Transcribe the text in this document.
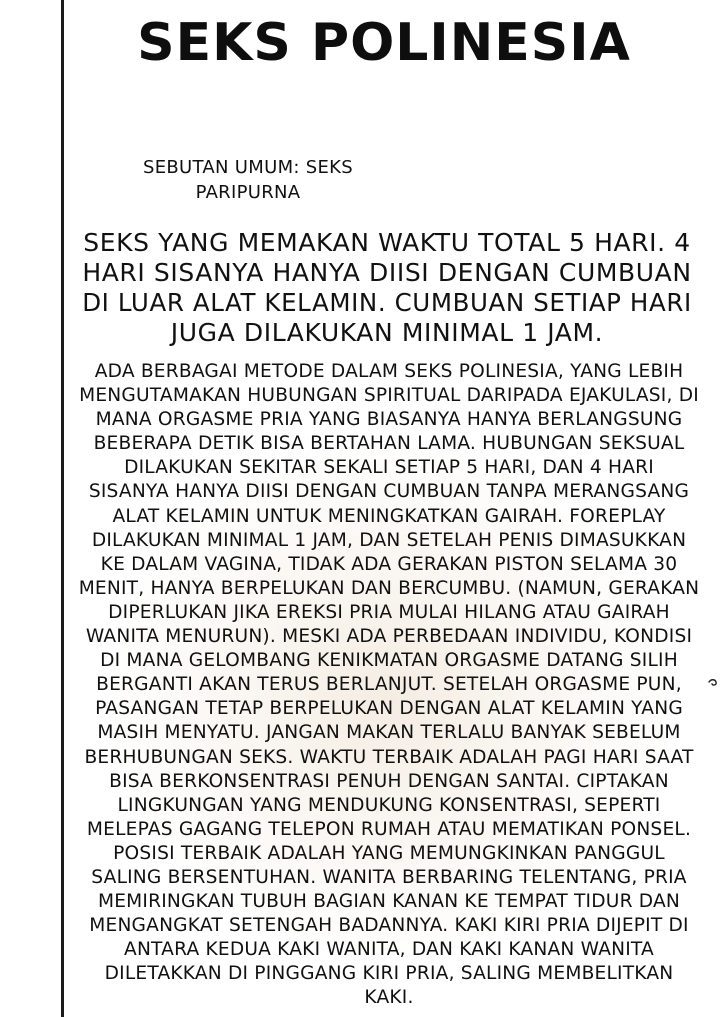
SEKS POLINESIA
SEBUTAN UMUM: SEKS
PARIPURNA
SEKS YANG MEMAKAN WAKTU TOTAL 5 HARI. 4
HARI SISANYA HANYA DIISI DENGAN CUMBUAN
DI LUAR ALAT KELAMIN. CUMBUAN SETIAP HARI
JUGA DILAKUKAN MINIMAL 1 JAM.
ADA BERBAGAI METODE DALAM SEKS POLINESIA, YANG LEBIH
MENGUTAMAKAN HUBUNGAN SPIRITUAL DARIPADA EJAKULASI, DI
MANA ORGASME PRIA YANG BIASANYA HANYA BERLANGSUNG
BEBERAPA DETIK BISA BERTAHAN LAMA. HUBUNGAN SEKSUAL
DILAKUKAN SEKITAR SEKALI SETIAP 5 HARI, DAN 4 HARI
SISANYA HANYA DIISI DENGAN CUMBUAN TANPA MERANGSANG
ALAT KELAMIN UNTUK MENINGKATKAN GAIRAH. FOREPLAY
DILAKUKAN MINIMAL 1 JAM, DAN SETELAH PENIS DIMASUKKAN
KE DALAM VAGINA, TIDAK ADA GERAKAN PISTON SELAMA 30
MENIT, HANYA BERPELUKAN DAN BERCUMBU. (NAMUN, GERAKAN
DIPERLUKAN JIKA EREKSI PRIA MULAI HILANG ATAU GAIRAH
WANITA MENURUN). MESKI ADA PERBEDAAN INDIVIDU, KONDISI
DI MANA GELOMBANG KENIKMATAN ORGASME DATANG SILIH
BERGANTI AKAN TERUS BERLANJUT. SETELAH ORGASME PUN,
PASANGAN TETAP BERPELUKAN DENGAN ALAT KELAMIN YANG
MASIH MENYATU. JANGAN MAKAN TERLALU BANYAK SEBELUM
BERHUBUNGAN SEKS. WAKTU TERBAIK ADALAH PAGI HARI SAAT
BISA BERKONSENTRASI PENUH DENGAN SANTAI. CIPTAKAN
LINGKUNGAN YANG MENDUKUNG KONSENTRASI, SEPERTI
MELEPAS GAGANG TELEPON RUMAH ATAU MEMATIKAN PONSEL.
POSISI TERBAIK ADALAH YANG MEMUNGKINKAN PANGGUL
SALING BERSENTUHAN. WANITA BERBARING TELENTANG, PRIA
MEMIRINGKAN TUBUH BAGIAN KANAN KE TEMPAT TIDUR DAN
MENGANGKAT SETENGAH BADANNYA. KAKI KIRI PRIA DIJEPIT DI
ANTARA KEDUA KAKI WANITA, DAN KAKI KANAN WANITA
DILETAKKAN DI PINGGANG KIRI PRIA, SALING MEMBELITKAN
KAKI.
